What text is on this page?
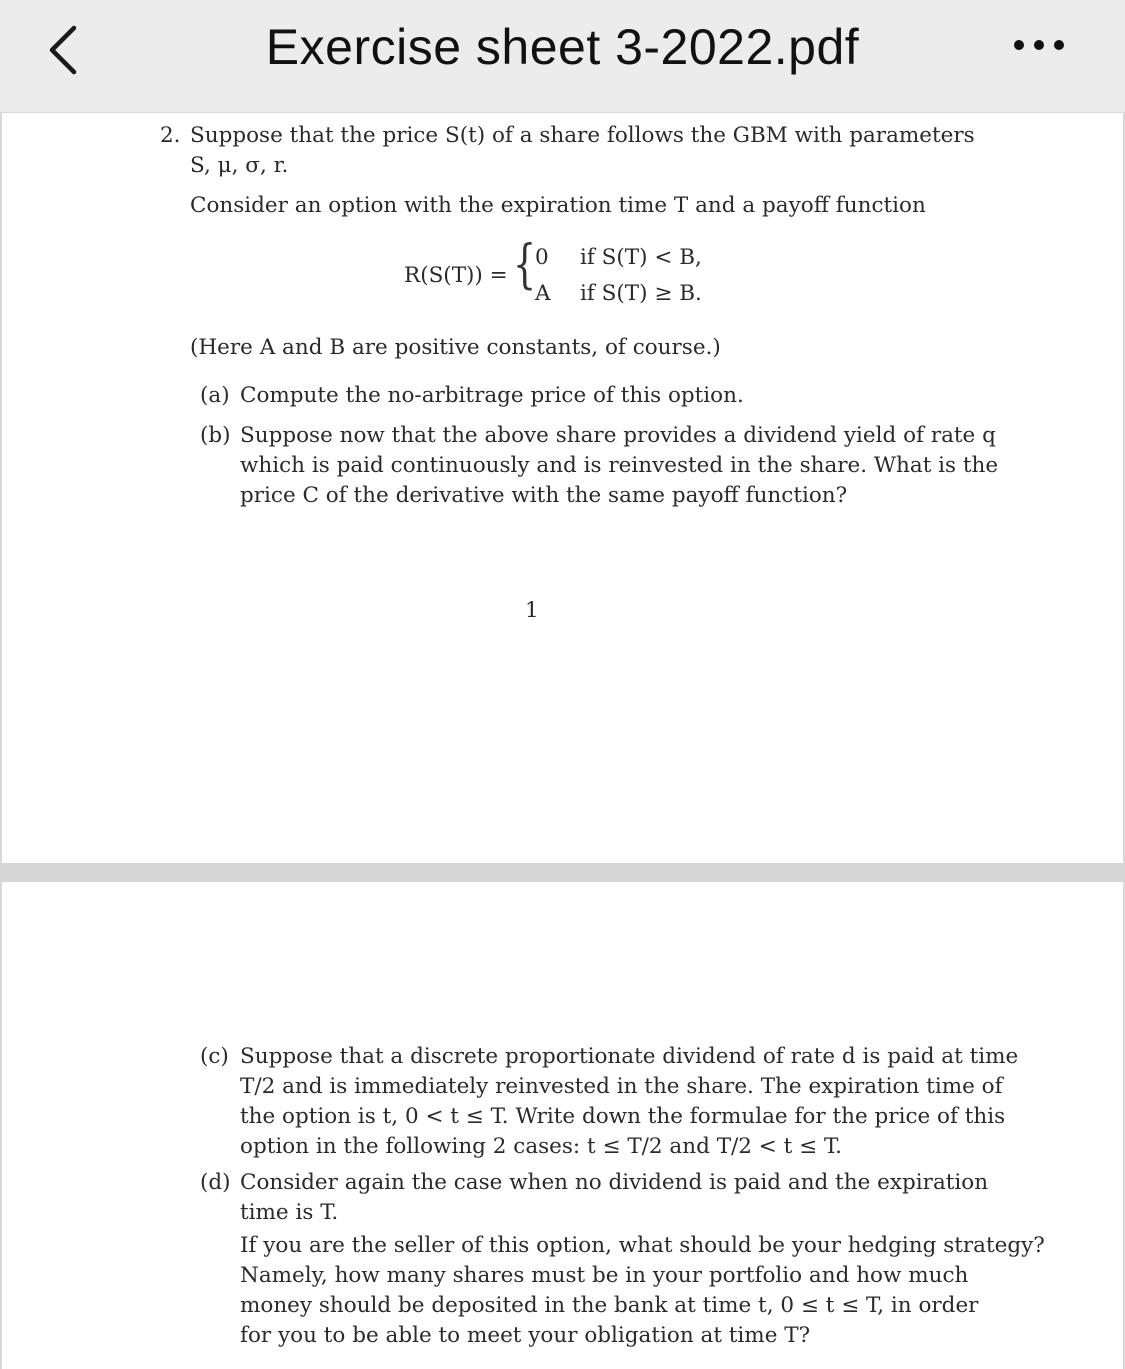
Exercise sheet 3-2022.pdf
2. Suppose that the price S(t) of a share follows the GBM with parameters
S, μ, σ, r.
Consider an option with the expiration time T and a payoff function
R(S(T)) = {
0 if S(T) < B,
A if S(T) ≥ B.
(Here A and B are positive constants, of course.)
(a) Compute the no-arbitrage price of this option.
(b) Suppose now that the above share provides a dividend yield of rate q
which is paid continuously and is reinvested in the share. What is the
price C of the derivative with the same payoff function?
1
(c) Suppose that a discrete proportionate dividend of rate d is paid at time
T/2 and is immediately reinvested in the share. The expiration time of
the option is t, 0 < t ≤ T. Write down the formulae for the price of this
option in the following 2 cases: t ≤ T/2 and T/2 < t ≤ T.
(d) Consider again the case when no dividend is paid and the expiration
time is T.
If you are the seller of this option, what should be your hedging strategy?
Namely, how many shares must be in your portfolio and how much
money should be deposited in the bank at time t, 0 ≤ t ≤ T, in order
for you to be able to meet your obligation at time T?
